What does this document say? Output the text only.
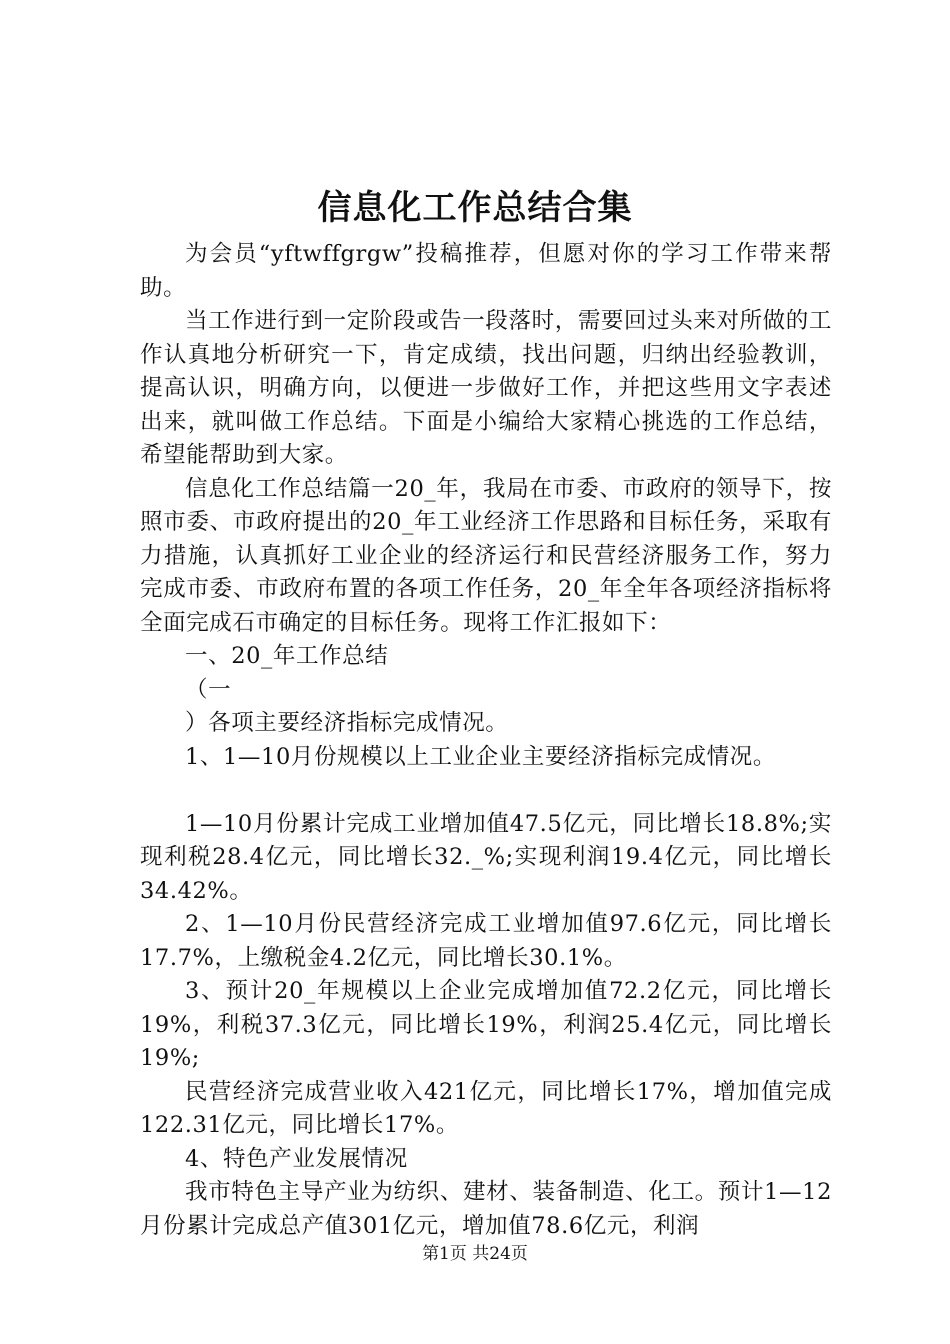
信息化工作总结合集

为会员“yftwffgrgw”投稿推荐，但愿对你的学习工作带来帮助。

当工作进行到一定阶段或告一段落时，需要回过头来对所做的工作认真地分析研究一下，肯定成绩，找出问题，归纳出经验教训，提高认识，明确方向，以便进一步做好工作，并把这些用文字表述出来，就叫做工作总结。下面是小编给大家精心挑选的工作总结，希望能帮助到大家。

信息化工作总结篇一20_年，我局在市委、市政府的领导下，按照市委、市政府提出的20_年工业经济工作思路和目标任务，采取有力措施，认真抓好工业企业的经济运行和民营经济服务工作，努力完成市委、市政府布置的各项工作任务，20_年全年各项经济指标将全面完成石市确定的目标任务。现将工作汇报如下：

一、20_年工作总结

（一

）各项主要经济指标完成情况。

1、1—10月份规模以上工业企业主要经济指标完成情况。

1—10月份累计完成工业增加值47.5亿元，同比增长18.8%;实现利税28.4亿元，同比增长32._%;实现利润19.4亿元，同比增长34.42%。

2、1—10月份民营经济完成工业增加值97.6亿元，同比增长17.7%，上缴税金4.2亿元，同比增长30.1%。

3、预计20_年规模以上企业完成增加值72.2亿元，同比增长19%，利税37.3亿元，同比增长19%，利润25.4亿元，同比增长19%;

民营经济完成营业收入421亿元，同比增长17%，增加值完成122.31亿元，同比增长17%。

4、特色产业发展情况

我市特色主导产业为纺织、建材、装备制造、化工。预计1—12月份累计完成总产值301亿元，增加值78.6亿元，利润

第1页 共24页
